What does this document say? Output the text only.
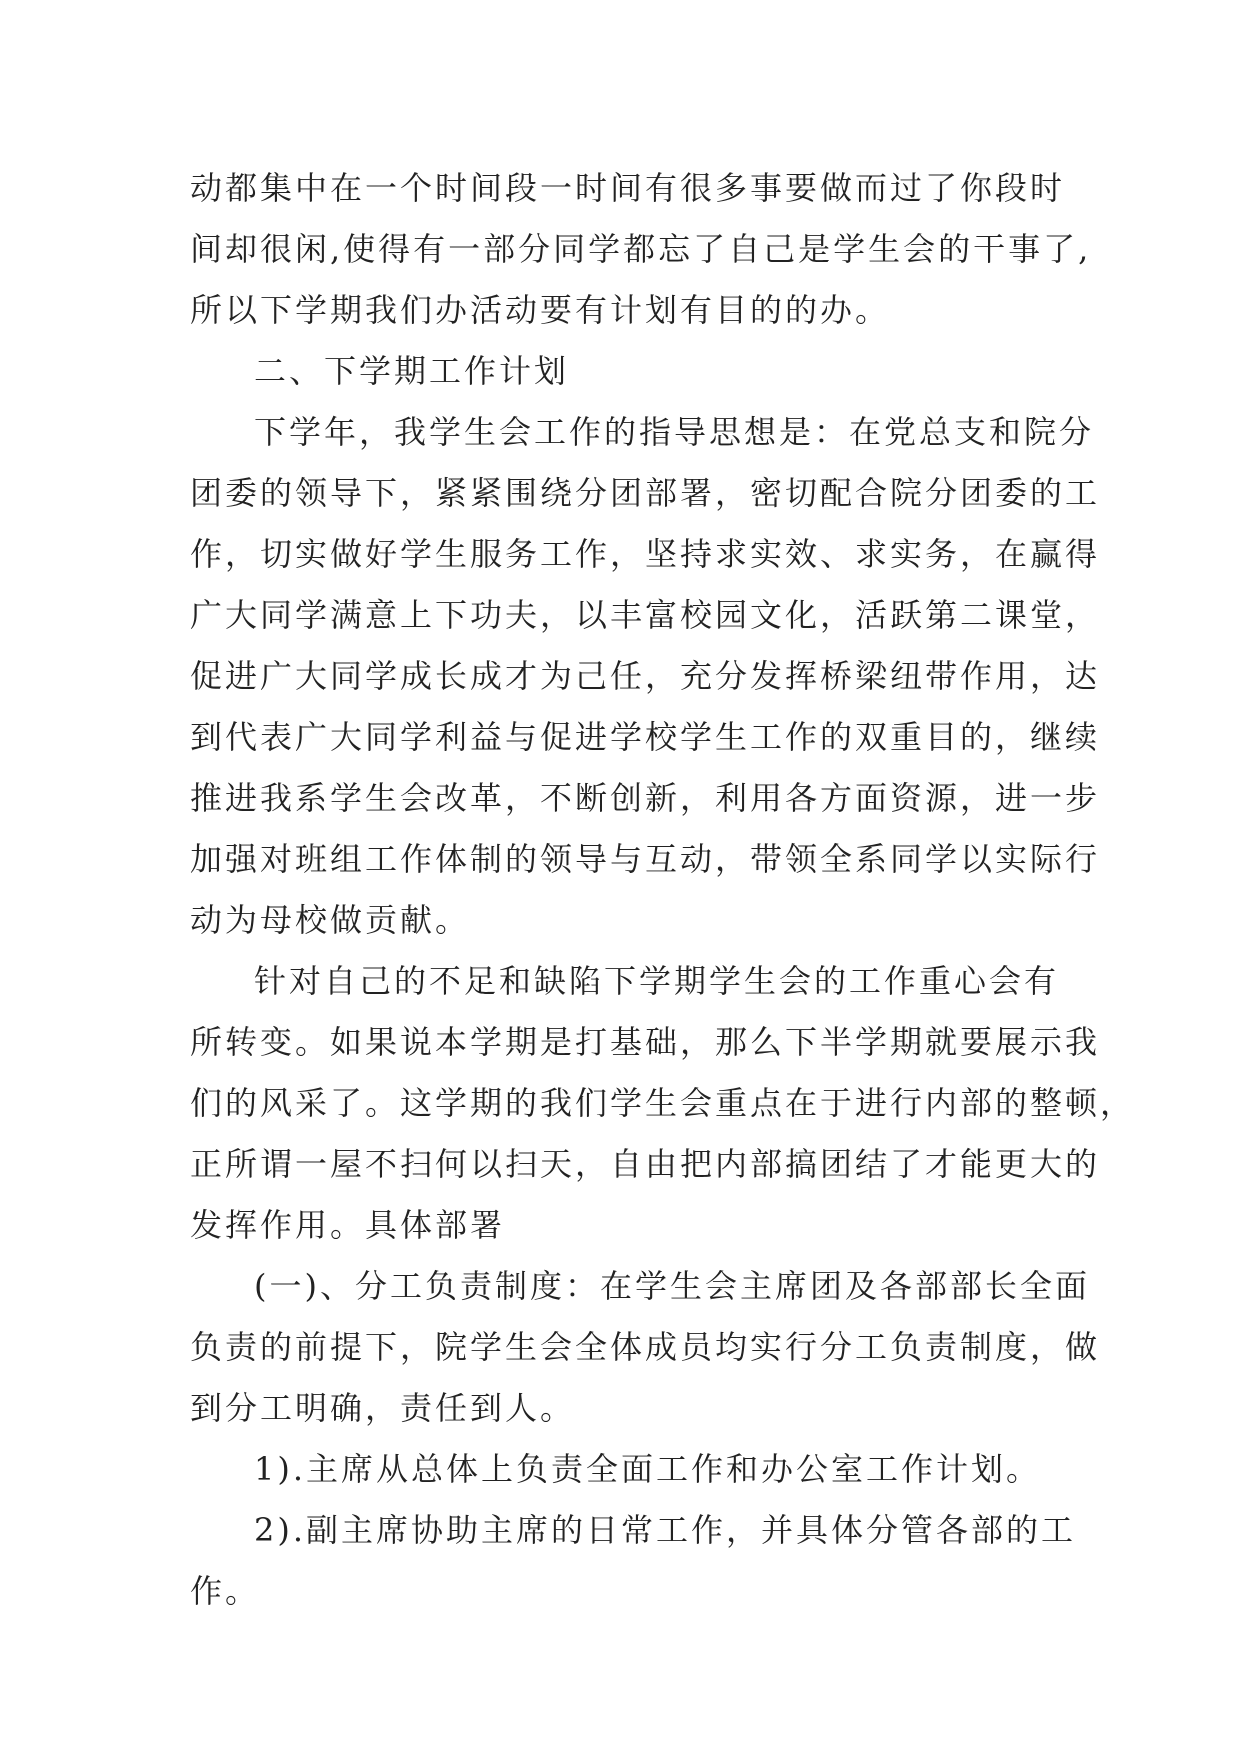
动都集中在一个时间段一时间有很多事要做而过了你段时
间却很闲,使得有一部分同学都忘了自己是学生会的干事了,
所以下学期我们办活动要有计划有目的的办。

二、下学期工作计划

下学年，我学生会工作的指导思想是：在党总支和院分
团委的领导下，紧紧围绕分团部署，密切配合院分团委的工
作，切实做好学生服务工作，坚持求实效、求实务，在赢得
广大同学满意上下功夫，以丰富校园文化，活跃第二课堂，
促进广大同学成长成才为己任，充分发挥桥梁纽带作用，达
到代表广大同学利益与促进学校学生工作的双重目的，继续
推进我系学生会改革，不断创新，利用各方面资源，进一步
加强对班组工作体制的领导与互动，带领全系同学以实际行
动为母校做贡献。

针对自己的不足和缺陷下学期学生会的工作重心会有
所转变。如果说本学期是打基础，那么下半学期就要展示我
们的风采了。这学期的我们学生会重点在于进行内部的整顿，
正所谓一屋不扫何以扫天，自由把内部搞团结了才能更大的
发挥作用。具体部署

(一)、分工负责制度：在学生会主席团及各部部长全面
负责的前提下，院学生会全体成员均实行分工负责制度，做
到分工明确，责任到人。

1).主席从总体上负责全面工作和办公室工作计划。

2).副主席协助主席的日常工作，并具体分管各部的工
作。
